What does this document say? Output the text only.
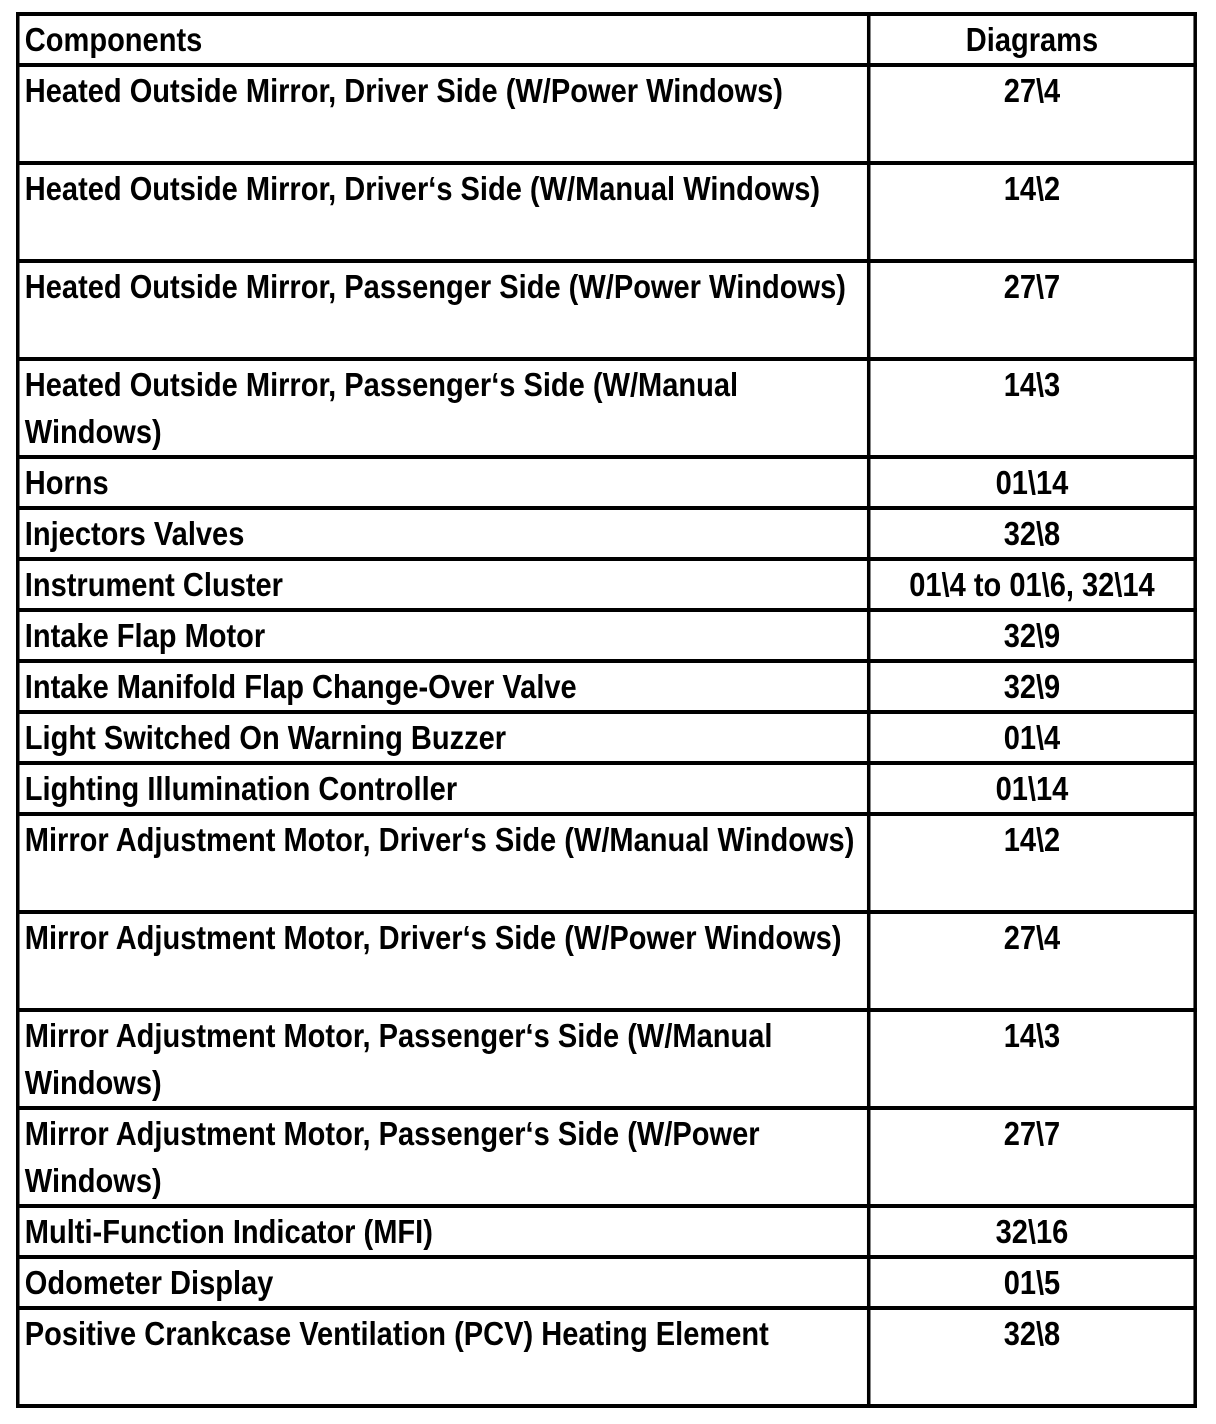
Components	Diagrams
Heated Outside Mirror, Driver Side (W/Power Windows)	27\4
Heated Outside Mirror, Driver‘s Side (W/Manual Windows)	14\2
Heated Outside Mirror, Passenger Side (W/Power Windows)	27\7
Heated Outside Mirror, Passenger‘s Side (W/Manual Windows)	14\3
Horns	01\14
Injectors Valves	32\8
Instrument Cluster	01\4 to 01\6, 32\14
Intake Flap Motor	32\9
Intake Manifold Flap Change-Over Valve	32\9
Light Switched On Warning Buzzer	01\4
Lighting Illumination Controller	01\14
Mirror Adjustment Motor, Driver‘s Side (W/Manual Windows)	14\2
Mirror Adjustment Motor, Driver‘s Side (W/Power Windows)	27\4
Mirror Adjustment Motor, Passenger‘s Side (W/Manual Windows)	14\3
Mirror Adjustment Motor, Passenger‘s Side (W/Power Windows)	27\7
Multi-Function Indicator (MFI)	32\16
Odometer Display	01\5
Positive Crankcase Ventilation (PCV) Heating Element	32\8
